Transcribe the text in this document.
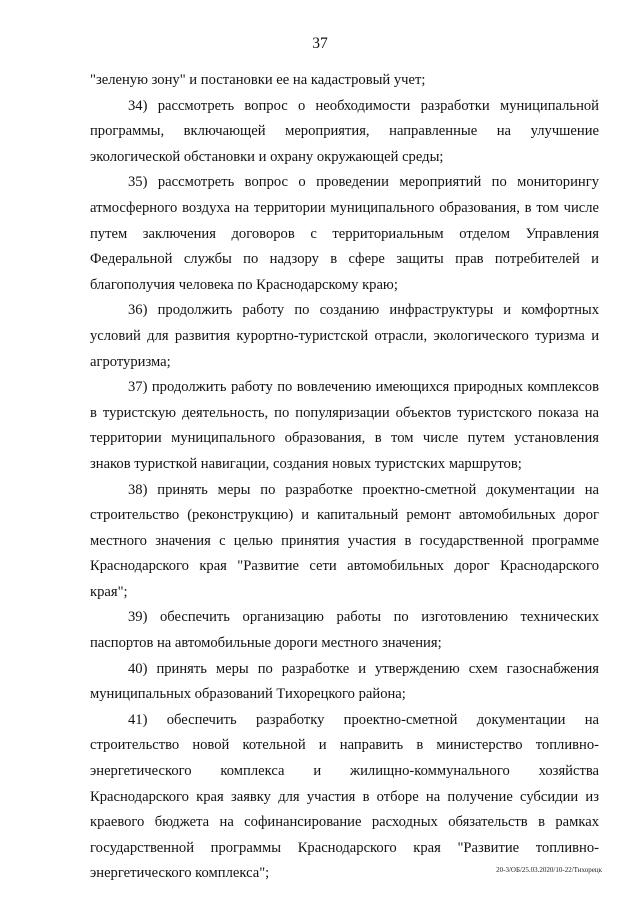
37

"зеленую зону" и постановки ее на кадастровый учет;

34) рассмотреть вопрос о необходимости разработки муниципальной программы, включающей мероприятия, направленные на улучшение экологической обстановки и охрану окружающей среды;

35) рассмотреть вопрос о проведении мероприятий по мониторингу атмосферного воздуха на территории муниципального образования, в том числе путем заключения договоров с территориальным отделом Управления Федеральной службы по надзору в сфере защиты прав потребителей и благополучия человека по Краснодарскому краю;

36) продолжить работу по созданию инфраструктуры и комфортных условий для развития курортно-туристской отрасли, экологического туризма и агротуризма;

37) продолжить работу по вовлечению имеющихся природных комплексов в туристскую деятельность, по популяризации объектов туристского показа на территории муниципального образования, в том числе путем установления знаков туристкой навигации, создания новых туристских маршрутов;

38) принять меры по разработке проектно-сметной документации на строительство (реконструкцию) и капитальный ремонт автомобильных дорог местного значения с целью принятия участия в государственной программе Краснодарского края "Развитие сети автомобильных дорог Краснодарского края";

39) обеспечить организацию работы по изготовлению технических паспортов на автомобильные дороги местного значения;

40) принять меры по разработке и утверждению схем газоснабжения муниципальных образований Тихорецкого района;

41) обеспечить разработку проектно-сметной документации на строительство новой котельной и направить в министерство топливно-энергетического комплекса и жилищно-коммунального хозяйства Краснодарского края заявку для участия в отборе на получение субсидии из краевого бюджета на софинансирование расходных обязательств в рамках государственной программы Краснодарского края "Развитие топливно-энергетического комплекса";	20-3/ОБ/25.03.2020/10-22/Тихорецк
